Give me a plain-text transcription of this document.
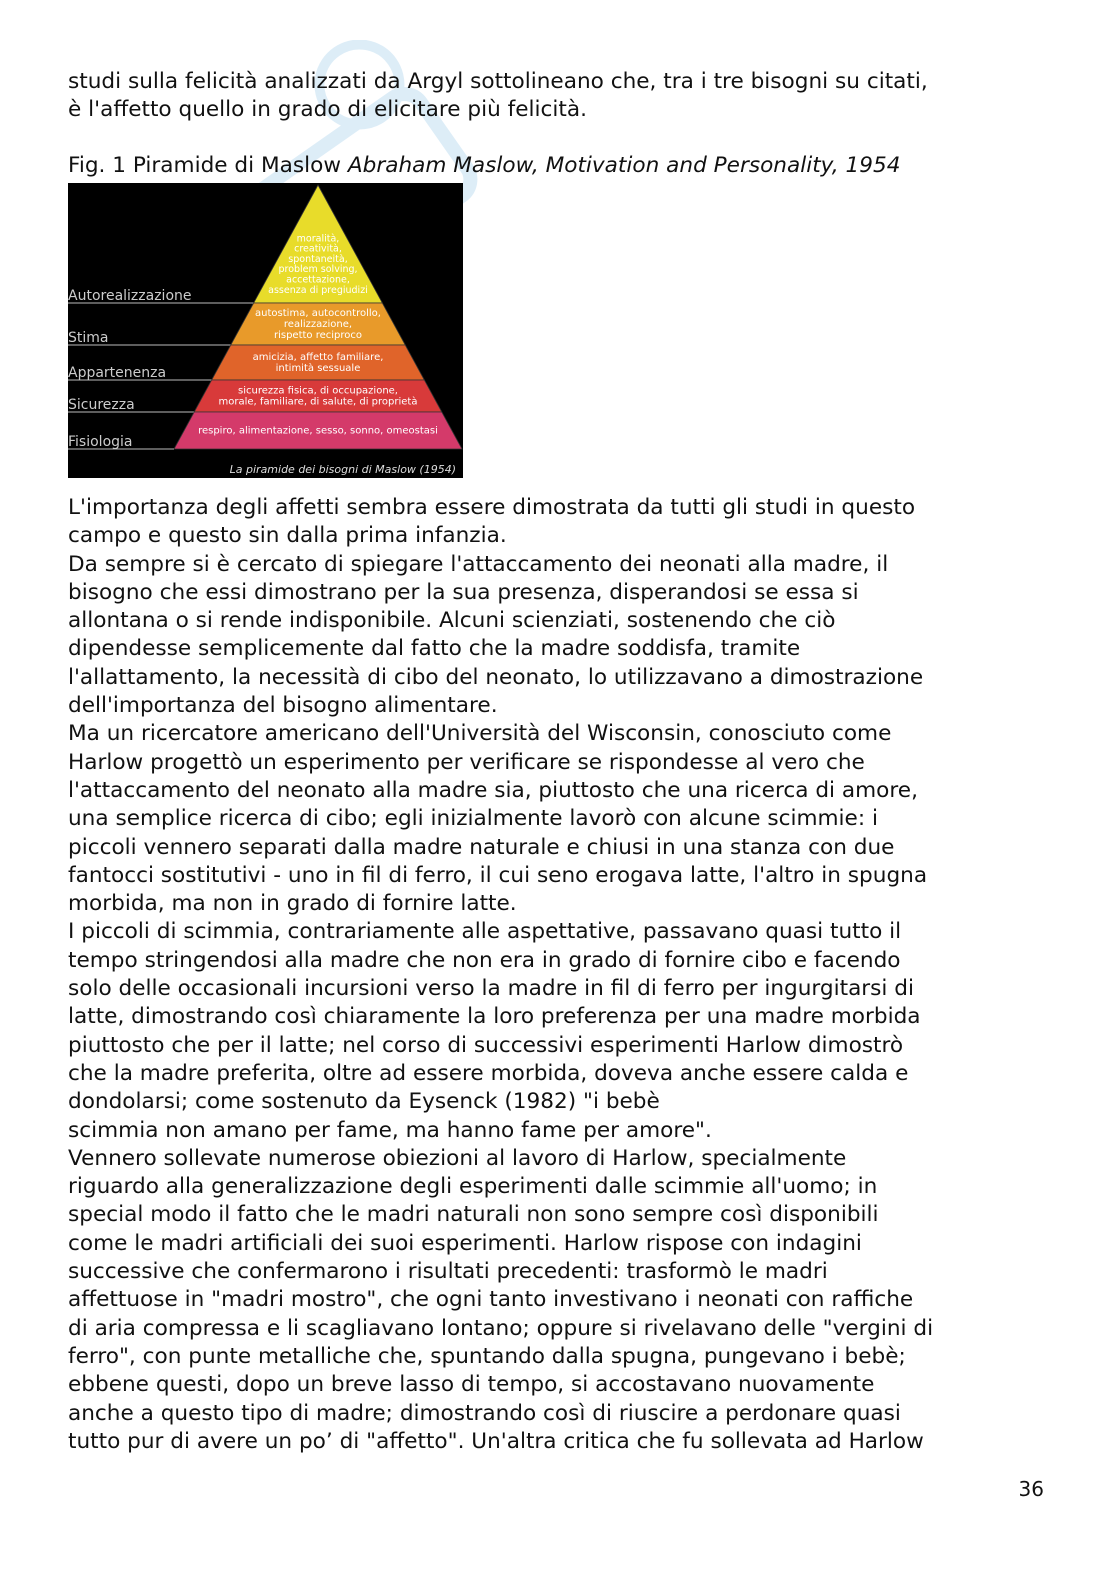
studi sulla felicità analizzati da Argyl sottolineano che, tra i tre bisogni su citati,
è l'affetto quello in grado di elicitare più felicità.
Fig. 1 Piramide di Maslow Abraham Maslow, Motivation and Personality, 1954
moralità,
creatività,
spontaneità,
problem solving,
accettazione,
assenza di pregiudizi
Autorealizzazione
autostima, autocontrollo,
realizzazione,
rispetto reciproco
Stima
amicizia, affetto familiare,
intimità sessuale
Appartenenza
sicurezza fisica, di occupazione,
morale, familiare, di salute, di proprietà
Sicurezza
respiro, alimentazione, sesso, sonno, omeostasi
Fisiologia
La piramide dei bisogni di Maslow (1954)
L'importanza degli affetti sembra essere dimostrata da tutti gli studi in questo
campo e questo sin dalla prima infanzia.
Da sempre si è cercato di spiegare l'attaccamento dei neonati alla madre, il
bisogno che essi dimostrano per la sua presenza, disperandosi se essa si
allontana o si rende indisponibile. Alcuni scienziati, sostenendo che ciò
dipendesse semplicemente dal fatto che la madre soddisfa, tramite
l'allattamento, la necessità di cibo del neonato, lo utilizzavano a dimostrazione
dell'importanza del bisogno alimentare.
Ma un ricercatore americano dell'Università del Wisconsin, conosciuto come
Harlow progettò un esperimento per verificare se rispondesse al vero che
l'attaccamento del neonato alla madre sia, piuttosto che una ricerca di amore,
una semplice ricerca di cibo; egli inizialmente lavorò con alcune scimmie: i
piccoli vennero separati dalla madre naturale e chiusi in una stanza con due
fantocci sostitutivi - uno in fil di ferro, il cui seno erogava latte, l'altro in spugna
morbida, ma non in grado di fornire latte.
I piccoli di scimmia, contrariamente alle aspettative, passavano quasi tutto il
tempo stringendosi alla madre che non era in grado di fornire cibo e facendo
solo delle occasionali incursioni verso la madre in fil di ferro per ingurgitarsi di
latte, dimostrando così chiaramente la loro preferenza per una madre morbida
piuttosto che per il latte; nel corso di successivi esperimenti Harlow dimostrò
che la madre preferita, oltre ad essere morbida, doveva anche essere calda e
dondolarsi; come sostenuto da Eysenck (1982) "i bebè
scimmia non amano per fame, ma hanno fame per amore".
Vennero sollevate numerose obiezioni al lavoro di Harlow, specialmente
riguardo alla generalizzazione degli esperimenti dalle scimmie all'uomo; in
special modo il fatto che le madri naturali non sono sempre così disponibili
come le madri artificiali dei suoi esperimenti. Harlow rispose con indagini
successive che confermarono i risultati precedenti: trasformò le madri
affettuose in "madri mostro", che ogni tanto investivano i neonati con raffiche
di aria compressa e li scagliavano lontano; oppure si rivelavano delle "vergini di
ferro", con punte metalliche che, spuntando dalla spugna, pungevano i bebè;
ebbene questi, dopo un breve lasso di tempo, si accostavano nuovamente
anche a questo tipo di madre; dimostrando così di riuscire a perdonare quasi
tutto pur di avere un po’ di "affetto". Un'altra critica che fu sollevata ad Harlow
36
